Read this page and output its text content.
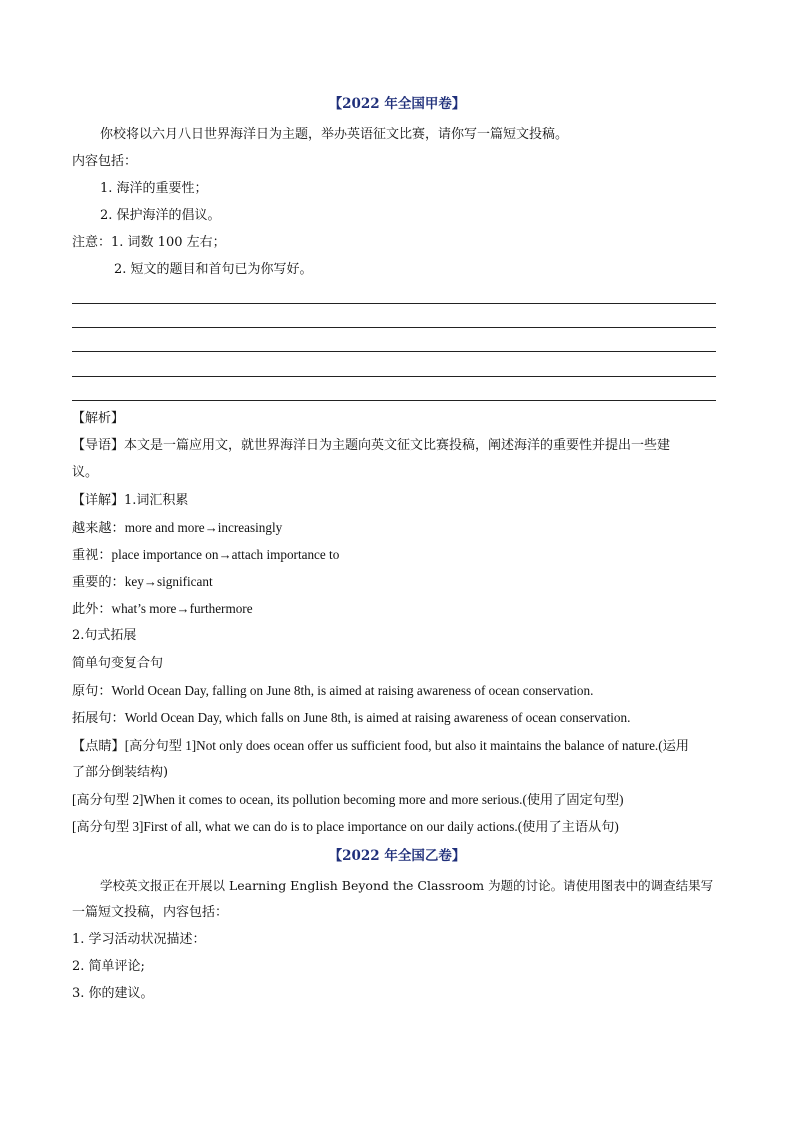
【2022 年全国甲卷】
你校将以六月八日世界海洋日为主题，举办英语征文比赛，请你写一篇短文投稿。
内容包括：
1. 海洋的重要性；
2. 保护海洋的倡议。
注意：1. 词数 100 左右；
2. 短文的题目和首句已为你写好。
【解析】
【导语】本文是一篇应用文，就世界海洋日为主题向英文征文比赛投稿，阐述海洋的重要性并提出一些建
议。
【详解】1.词汇积累
越来越：more and more→increasingly
重视：place importance on→attach importance to
重要的：key→significant
此外：what’s more→furthermore
2.句式拓展
简单句变复合句
原句：World Ocean Day, falling on June 8th, is aimed at raising awareness of ocean conservation.
拓展句：World Ocean Day, which falls on June 8th, is aimed at raising awareness of ocean conservation.
【点睛】[高分句型 1]Not only does ocean offer us sufficient food, but also it maintains the balance of nature.(运用
了部分倒装结构)
[高分句型 2]When it comes to ocean, its pollution becoming more and more serious.(使用了固定句型)
[高分句型 3]First of all, what we can do is to place importance on our daily actions.(使用了主语从句)
【2022 年全国乙卷】
学校英文报正在开展以 Learning English Beyond the Classroom 为题的讨论。请使用图表中的调查结果写
一篇短文投稿，内容包括：
1. 学习活动状况描述：
2. 简单评论;
3. 你的建议。
